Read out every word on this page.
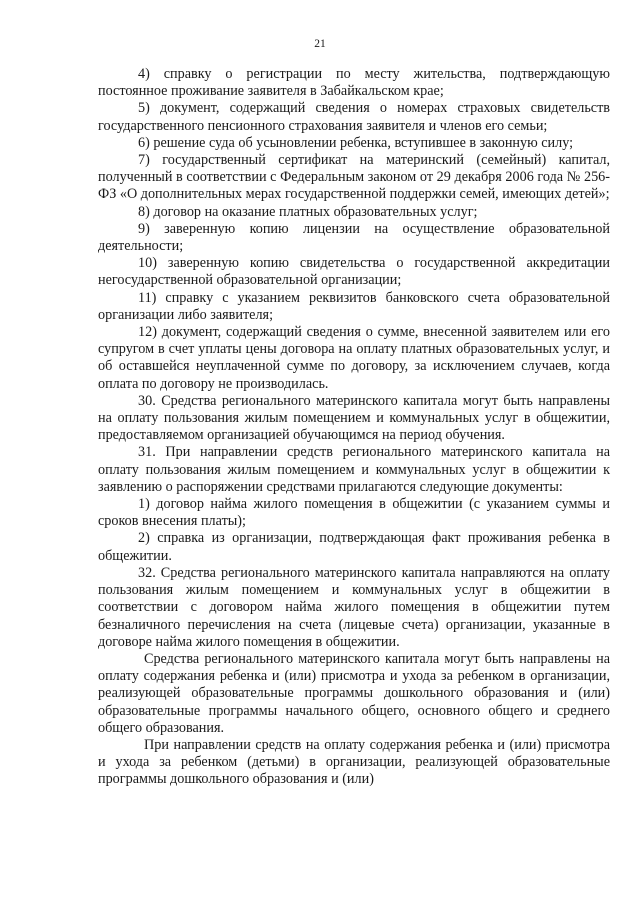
21

4) справку о регистрации по месту жительства, подтверждающую постоянное проживание заявителя в Забайкальском крае;

5) документ, содержащий сведения о номерах страховых свидетельств государственного пенсионного страхования заявителя и членов его семьи;

6) решение суда об усыновлении ребенка, вступившее в законную силу;

7) государственный сертификат на материнский (семейный) капитал, полученный в соответствии с Федеральным законом от 29 декабря 2006 года № 256-ФЗ «О дополнительных мерах государственной поддержки семей, имеющих детей»;

8) договор на оказание платных образовательных услуг;

9) заверенную копию лицензии на осуществление образовательной деятельности;

10) заверенную копию свидетельства о государственной аккредитации негосударственной образовательной организации;

11) справку с указанием реквизитов банковского счета образовательной организации либо заявителя;

12) документ, содержащий сведения о сумме, внесенной заявителем или его супругом в счет уплаты цены договора на оплату платных образовательных услуг, и об оставшейся неуплаченной сумме по договору, за исключением случаев, когда оплата по договору не производилась.

30. Средства регионального материнского капитала могут быть направлены на оплату пользования жилым помещением и коммунальных услуг в общежитии, предоставляемом организацией обучающимся на период обучения.

31. При направлении средств регионального материнского капитала на оплату пользования жилым помещением и коммунальных услуг в общежитии к заявлению о распоряжении средствами прилагаются следующие документы:

1) договор найма жилого помещения в общежитии (с указанием суммы и сроков внесения платы);

2) справка из организации, подтверждающая факт проживания ребенка в общежитии.

32. Средства регионального материнского капитала направляются на оплату пользования жилым помещением и коммунальных услуг в общежитии в соответствии с договором найма жилого помещения в общежитии путем безналичного перечисления на счета (лицевые счета) организации, указанные в договоре найма жилого помещения в общежитии.

Средства регионального материнского капитала могут быть направлены на оплату содержания ребенка и (или) присмотра и ухода за ребенком в организации, реализующей образовательные программы дошкольного образования и (или) образовательные программы начального общего, основного общего и среднего общего образования.

При направлении средств на оплату содержания ребенка и (или) присмотра и ухода за ребенком (детьми) в организации, реализующей образовательные программы дошкольного образования и (или)
